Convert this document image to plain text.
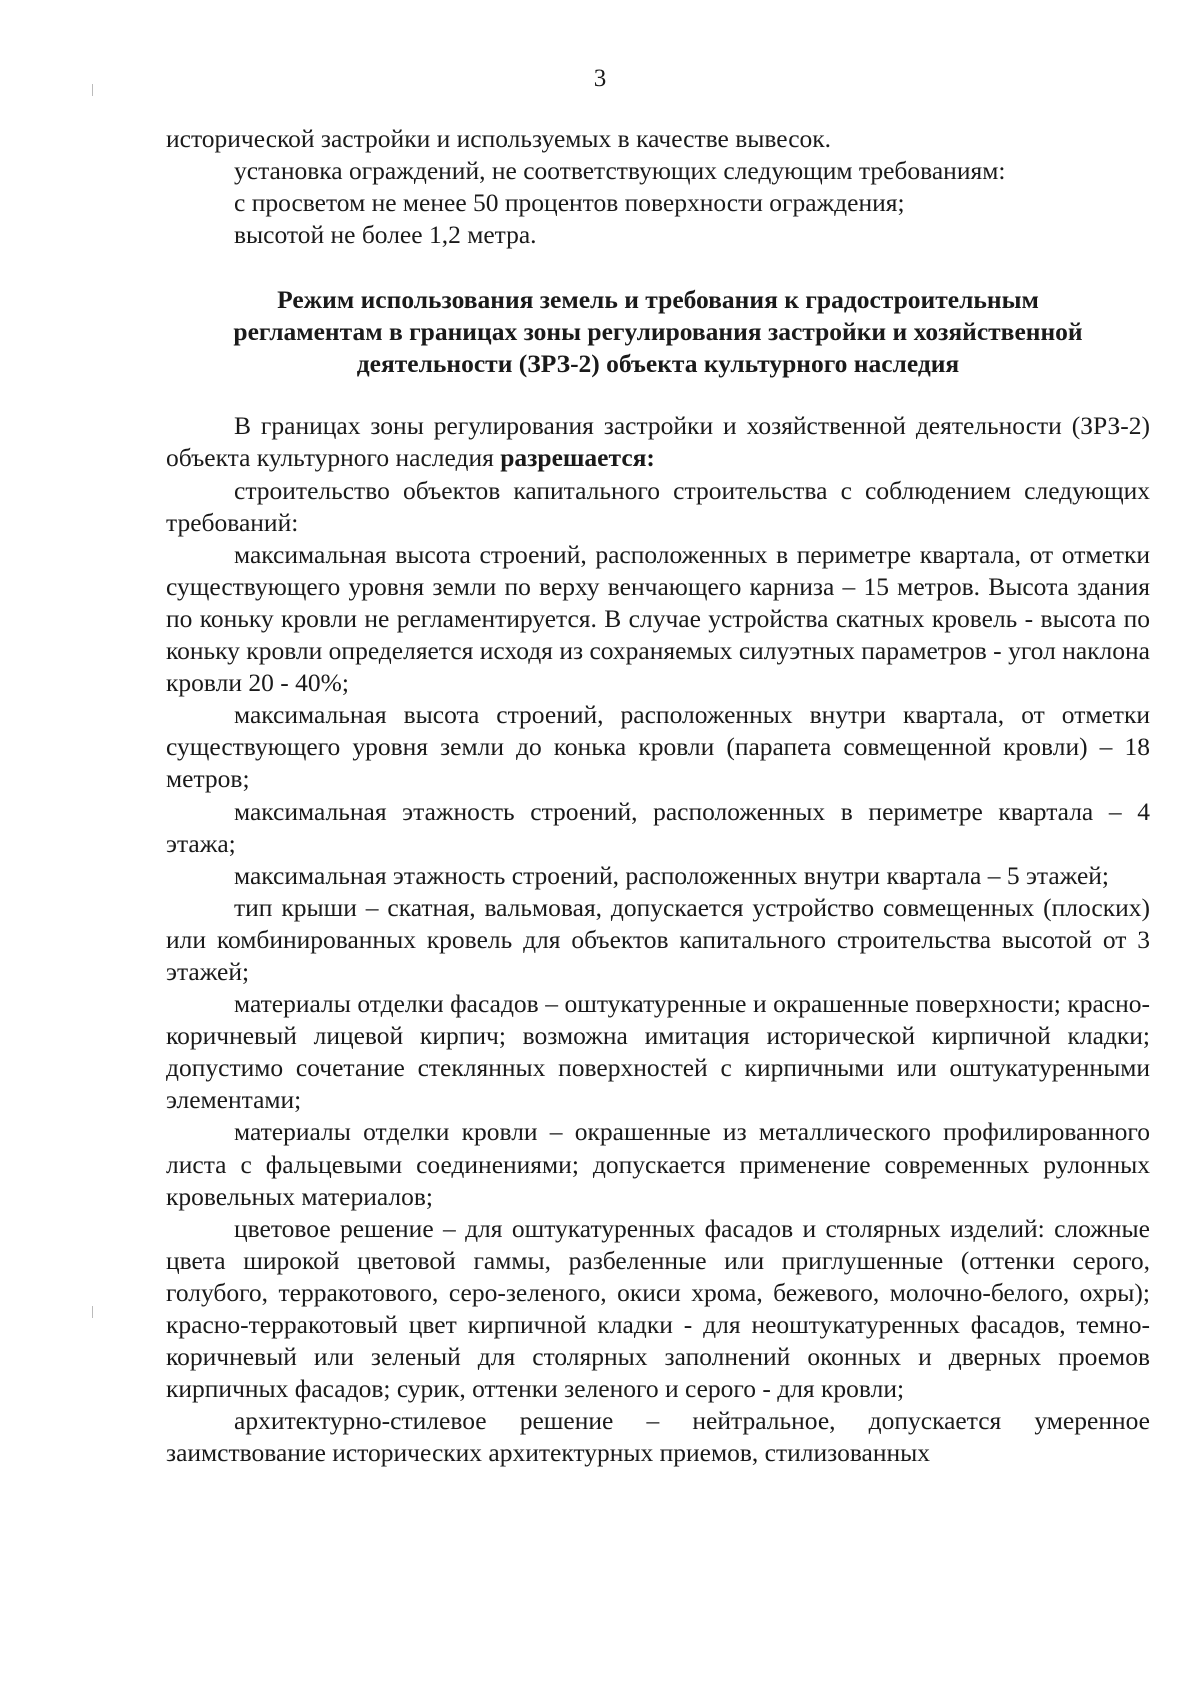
3

исторической застройки и используемых в качестве вывесок.

установка ограждений, не соответствующих следующим требованиям:

с просветом не менее 50 процентов поверхности ограждения;

высотой не более 1,2 метра.

Режим использования земель и требования к градостроительным
регламентам в границах зоны регулирования застройки и хозяйственной
деятельности (ЗРЗ-2) объекта культурного наследия

В границах зоны регулирования застройки и хозяйственной деятельности (ЗРЗ-2) объекта культурного наследия разрешается:

строительство объектов капитального строительства с соблюдением следующих требований:

максимальная высота строений, расположенных в периметре квартала, от отметки существующего уровня земли по верху венчающего карниза – 15 метров. Высота здания по коньку кровли не регламентируется. В случае устройства скатных кровель - высота по коньку кровли определяется исходя из сохраняемых силуэтных параметров - угол наклона кровли 20 - 40%;

максимальная высота строений, расположенных внутри квартала, от отметки существующего уровня земли до конька кровли (парапета совмещенной кровли) – 18 метров;

максимальная этажность строений, расположенных в периметре квартала – 4 этажа;

максимальная этажность строений, расположенных внутри квартала – 5 этажей;

тип крыши – скатная, вальмовая, допускается устройство совмещенных (плоских) или комбинированных кровель для объектов капитального строительства высотой от 3 этажей;

материалы отделки фасадов – оштукатуренные и окрашенные поверхности; красно-коричневый лицевой кирпич; возможна имитация исторической кирпичной кладки; допустимо сочетание стеклянных поверхностей с кирпичными или оштукатуренными элементами;

материалы отделки кровли – окрашенные из металлического профилированного листа с фальцевыми соединениями; допускается применение современных рулонных кровельных материалов;

цветовое решение – для оштукатуренных фасадов и столярных изделий: сложные цвета широкой цветовой гаммы, разбеленные или приглушенные (оттенки серого, голубого, терракотового, серо-зеленого, окиси хрома, бежевого, молочно-белого, охры); красно-терракотовый цвет кирпичной кладки - для неоштукатуренных фасадов, темно-коричневый или зеленый для столярных заполнений оконных и дверных проемов кирпичных фасадов; сурик, оттенки зеленого и серого - для кровли;

архитектурно-стилевое решение – нейтральное, допускается умеренное заимствование исторических архитектурных приемов, стилизованных
